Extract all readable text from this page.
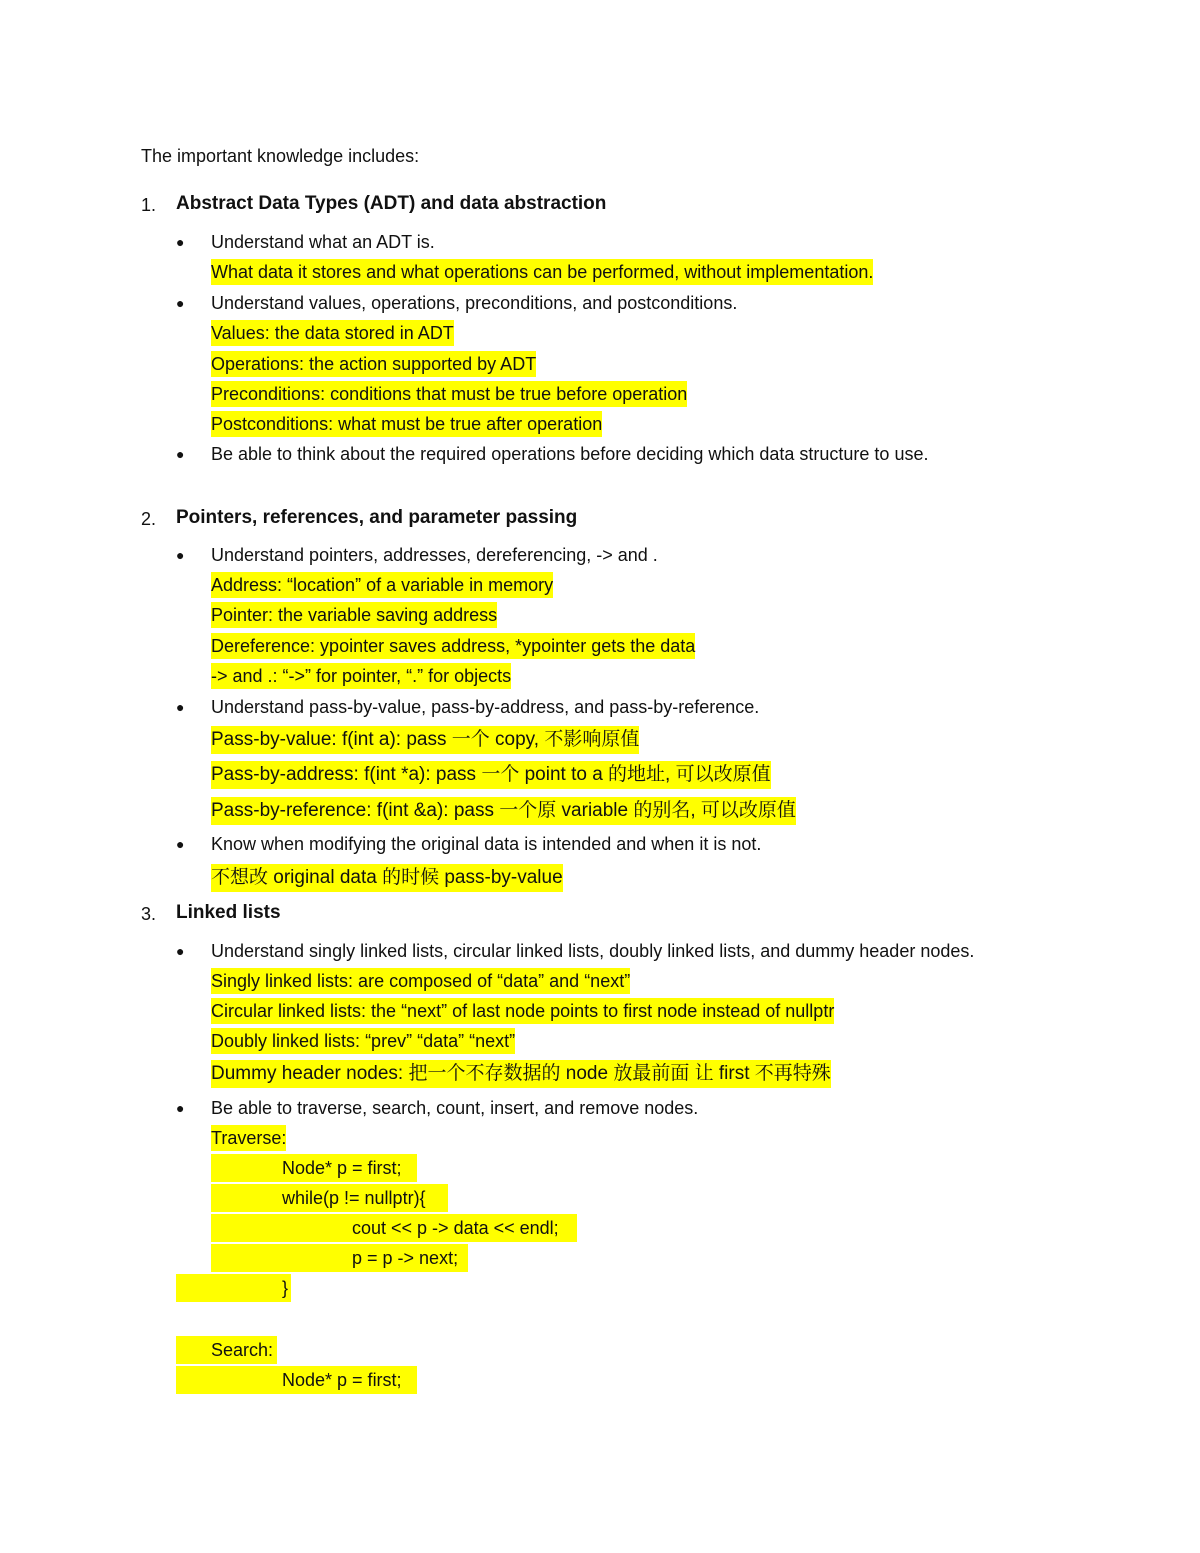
The important knowledge includes:
1. Abstract Data Types (ADT) and data abstraction
● Understand what an ADT is.
What data it stores and what operations can be performed, without implementation.
● Understand values, operations, preconditions, and postconditions.
Values: the data stored in ADT
Operations: the action supported by ADT
Preconditions: conditions that must be true before operation
Postconditions: what must be true after operation
● Be able to think about the required operations before deciding which data structure to use.
2. Pointers, references, and parameter passing
● Understand pointers, addresses, dereferencing, -> and .
Address: “location” of a variable in memory
Pointer: the variable saving address
Dereference: ypointer saves address, *ypointer gets the data
-> and .: “->” for pointer, “.” for objects
● Understand pass-by-value, pass-by-address, and pass-by-reference.
Pass-by-value: f(int a): pass 一个 copy, 不影响原值
Pass-by-address: f(int *a): pass 一个 point to a 的地址, 可以改原值
Pass-by-reference: f(int &a): pass 一个原 variable 的别名, 可以改原值
● Know when modifying the original data is intended and when it is not.
不想改 original data 的时候 pass-by-value
3. Linked lists
● Understand singly linked lists, circular linked lists, doubly linked lists, and dummy header nodes.
Singly linked lists: are composed of “data” and “next”
Circular linked lists: the “next” of last node points to first node instead of nullptr
Doubly linked lists: “prev” “data” “next”
Dummy header nodes: 把一个不存数据的 node 放最前面 让 first 不再特殊
● Be able to traverse, search, count, insert, and remove nodes.
Traverse:
Node* p = first;
while(p != nullptr){
cout << p -> data << endl;
p = p -> next;
}
Search:
Node* p = first;
